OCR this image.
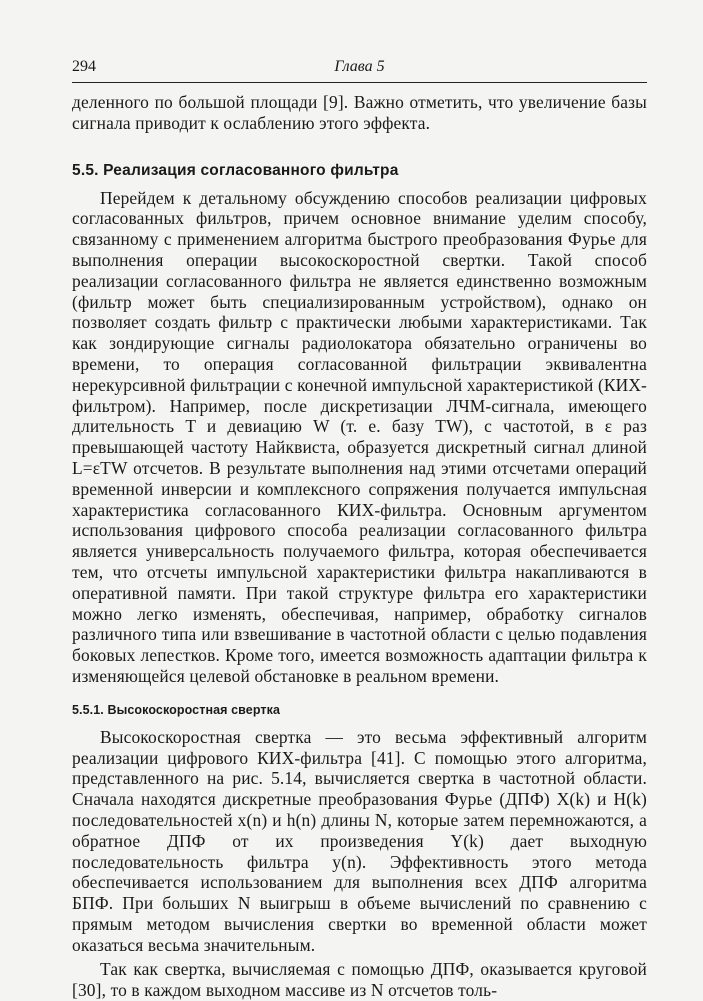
294	Глава 5

деленного по большой площади [9]. Важно отметить, что увеличение базы сигнала приводит к ослаблению этого эффекта.

5.5. Реализация согласованного фильтра

Перейдем к детальному обсуждению способов реализации цифровых согласованных фильтров, причем основное внимание уделим способу, связанному с применением алгоритма быстрого преобразования Фурье для выполнения операции высокоскоростной свертки. Такой способ реализации согласованного фильтра не является единственно возможным (фильтр может быть специализированным устройством), однако он позволяет создать фильтр с практически любыми характеристиками. Так как зондирующие сигналы радиолокатора обязательно ограничены во времени, то операция согласованной фильтрации эквивалентна нерекурсивной фильтрации с конечной импульсной характеристикой (КИХ-фильтром). Например, после дискретизации ЛЧМ-сигнала, имеющего длительность T и девиацию W (т. е. базу TW), с частотой, в ε раз превышающей частоту Найквиста, образуется дискретный сигнал длиной L=εTW отсчетов. В результате выполнения над этими отсчетами операций временной инверсии и комплексного сопряжения получается импульсная характеристика согласованного КИХ-фильтра. Основным аргументом использования цифрового способа реализации согласованного фильтра является универсальность получаемого фильтра, которая обеспечивается тем, что отсчеты импульсной характеристики фильтра накапливаются в оперативной памяти. При такой структуре фильтра его характеристики можно легко изменять, обеспечивая, например, обработку сигналов различного типа или взвешивание в частотной области с целью подавления боковых лепестков. Кроме того, имеется возможность адаптации фильтра к изменяющейся целевой обстановке в реальном времени.

5.5.1. Высокоскоростная свертка

Высокоскоростная свертка — это весьма эффективный алгоритм реализации цифрового КИХ-фильтра [41]. С помощью этого алгоритма, представленного на рис. 5.14, вычисляется свертка в частотной области. Сначала находятся дискретные преобразования Фурье (ДПФ) X(k) и H(k) последовательностей x(n) и h(n) длины N, которые затем перемножаются, а обратное ДПФ от их произведения Y(k) дает выходную последовательность фильтра y(n). Эффективность этого метода обеспечивается использованием для выполнения всех ДПФ алгоритма БПФ. При больших N выигрыш в объеме вычислений по сравнению с прямым методом вычисления свертки во временной области может оказаться весьма значительным.

Так как свертка, вычисляемая с помощью ДПФ, оказывается круговой [30], то в каждом выходном массиве из N отсчетов толь-
